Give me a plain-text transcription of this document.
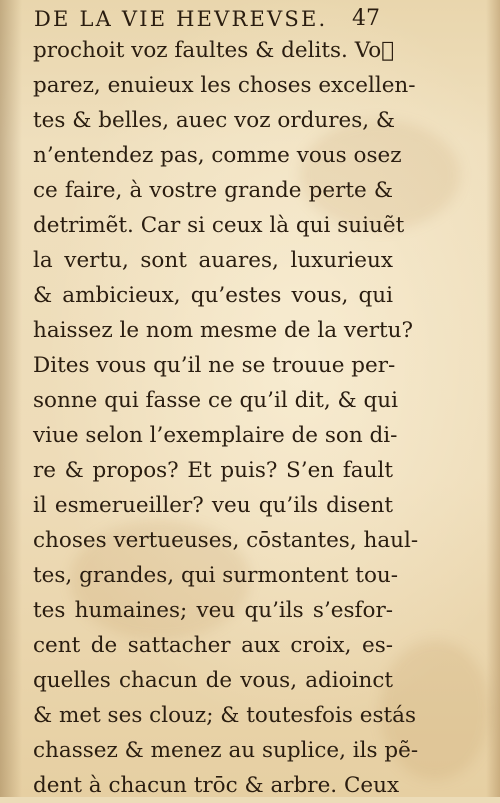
DE LA VIE HEVREVSE.	47
prochoit voz faultes & delits. Voᷞ
parez, enuieux les choses excellen-
tes & belles, auec voz ordures, &
n’entendez pas, comme vous osez
ce faire, à vostre grande perte &
detrimẽt. Car si ceux là qui suiuẽt
la vertu, sont auares, luxurieux
& ambicieux, qu’estes vous, qui
haissez le nom mesme de la vertu?
Dites vous qu’il ne se trouue per-
sonne qui fasse ce qu’il dit, & qui
viue selon l’exemplaire de son di-
re & propos? Et puis? S’en fault
il esmerueiller? veu qu’ils disent
choses vertueuses, cōstantes, haul-
tes, grandes, qui surmontent tou-
tes humaines; veu qu’ils s’esfor-
cent de sattacher aux croix, es-
quelles chacun de vous, adioinct
& met ses clouz; & toutesfois estás
chassez & menez au suplice, ils pẽ-
dent à chacun trōc & arbre. Ceux
